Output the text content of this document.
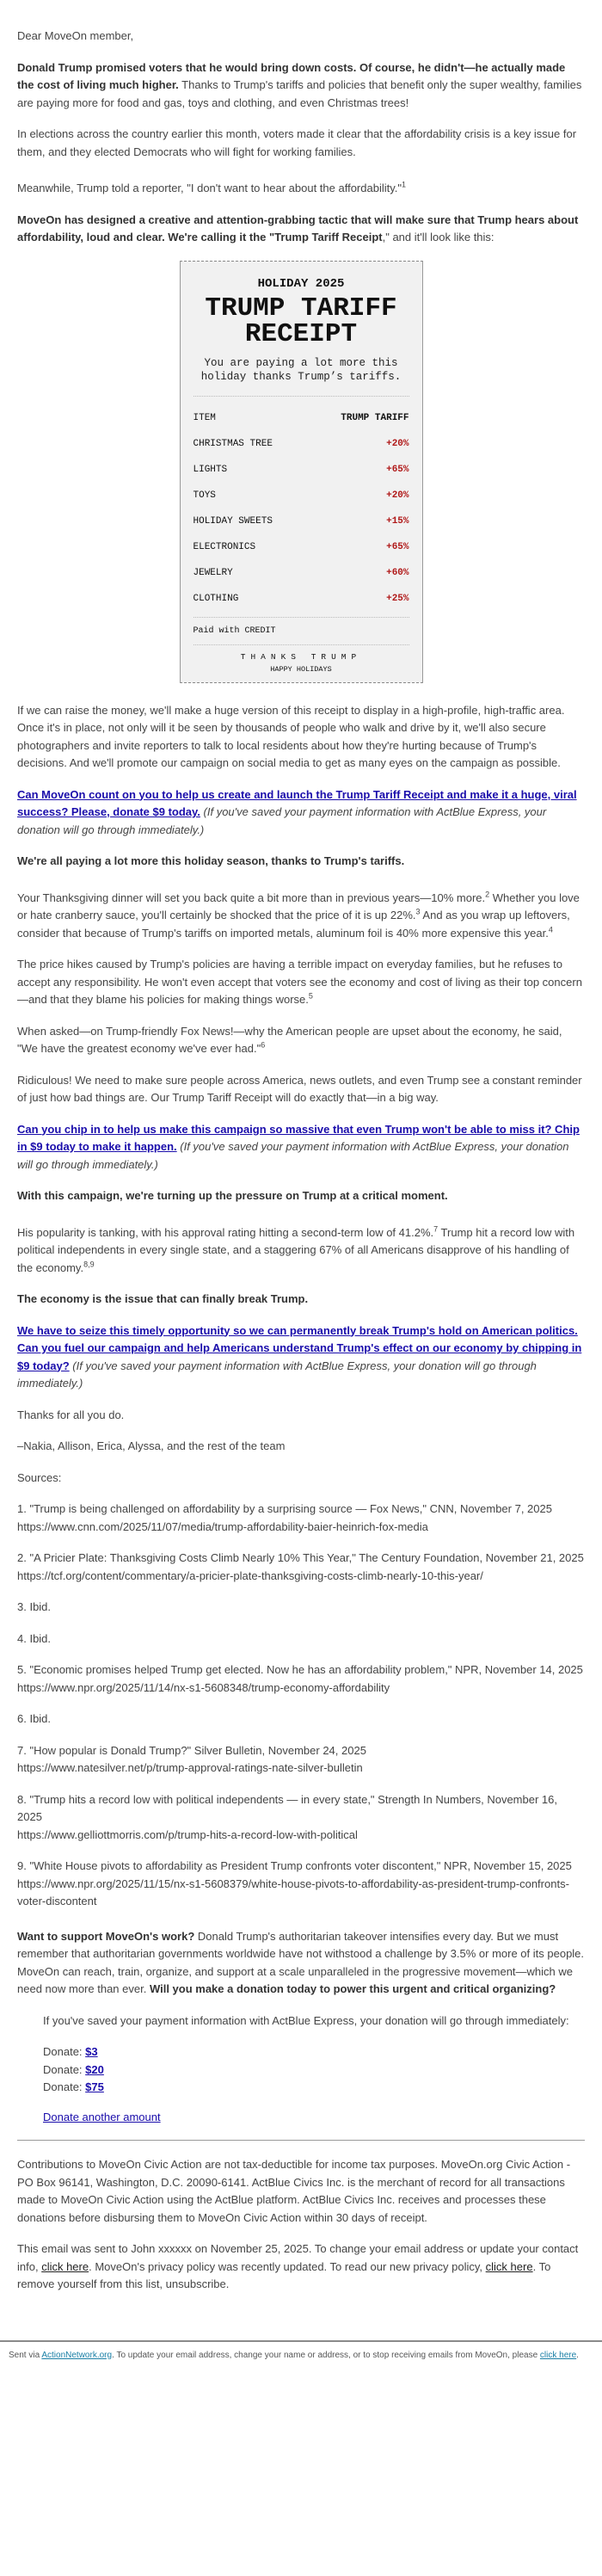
Dear MoveOn member,

Donald Trump promised voters that he would bring down costs. Of course, he didn't—he actually made the cost of living much higher. Thanks to Trump's tariffs and policies that benefit only the super wealthy, families are paying more for food and gas, toys and clothing, and even Christmas trees!

In elections across the country earlier this month, voters made it clear that the affordability crisis is a key issue for them, and they elected Democrats who will fight for working families.

Meanwhile, Trump told a reporter, "I don't want to hear about the affordability."$^1$

MoveOn has designed a creative and attention-grabbing tactic that will make sure that Trump hears about affordability, loud and clear. We're calling it the "Trump Tariff Receipt," and it'll look like this:

HOLIDAY 2025
TRUMP TARIFF RECEIPT
You are paying a lot more this holiday thanks Trump’s tariffs.
ITEM	TRUMP TARIFF
CHRISTMAS TREE	+20%
LIGHTS	+65%
TOYS	+20%
HOLIDAY SWEETS	+15%
ELECTRONICS	+65%
JEWELRY	+60%
CLOTHING	+25%
Paid with CREDIT
THANKS TRUMP
HAPPY HOLIDAYS

If we can raise the money, we'll make a huge version of this receipt to display in a high-profile, high-traffic area. Once it's in place, not only will it be seen by thousands of people who walk and drive by it, we'll also secure photographers and invite reporters to talk to local residents about how they're hurting because of Trump's decisions. And we'll promote our campaign on social media to get as many eyes on the campaign as possible.

Can MoveOn count on you to help us create and launch the Trump Tariff Receipt and make it a huge, viral success? Please, donate $9 today. (If you've saved your payment information with ActBlue Express, your donation will go through immediately.)

We're all paying a lot more this holiday season, thanks to Trump's tariffs.

Your Thanksgiving dinner will set you back quite a bit more than in previous years—10% more.$^2$ Whether you love or hate cranberry sauce, you'll certainly be shocked that the price of it is up 22%.$^3$ And as you wrap up leftovers, consider that because of Trump's tariffs on imported metals, aluminum foil is 40% more expensive this year.$^4$

The price hikes caused by Trump's policies are having a terrible impact on everyday families, but he refuses to accept any responsibility. He won't even accept that voters see the economy and cost of living as their top concern—and that they blame his policies for making things worse.$^5$

When asked—on Trump-friendly Fox News!—why the American people are upset about the economy, he said, "We have the greatest economy we've ever had."$^6$

Ridiculous! We need to make sure people across America, news outlets, and even Trump see a constant reminder of just how bad things are. Our Trump Tariff Receipt will do exactly that—in a big way.

Can you chip in to help us make this campaign so massive that even Trump won't be able to miss it? Chip in $9 today to make it happen. (If you've saved your payment information with ActBlue Express, your donation will go through immediately.)

With this campaign, we're turning up the pressure on Trump at a critical moment.

His popularity is tanking, with his approval rating hitting a second-term low of 41.2%.$^7$ Trump hit a record low with political independents in every single state, and a staggering 67% of all Americans disapprove of his handling of the economy.$^{8,9}$

The economy is the issue that can finally break Trump.

We have to seize this timely opportunity so we can permanently break Trump's hold on American politics. Can you fuel our campaign and help Americans understand Trump's effect on our economy by chipping in $9 today? (If you've saved your payment information with ActBlue Express, your donation will go through immediately.)

Thanks for all you do.

–Nakia, Allison, Erica, Alyssa, and the rest of the team

Sources:

1. "Trump is being challenged on affordability by a surprising source — Fox News," CNN, November 7, 2025
https://www.cnn.com/2025/11/07/media/trump-affordability-baier-heinrich-fox-media

2. "A Pricier Plate: Thanksgiving Costs Climb Nearly 10% This Year," The Century Foundation, November 21, 2025
https://tcf.org/content/commentary/a-pricier-plate-thanksgiving-costs-climb-nearly-10-this-year/

3. Ibid.

4. Ibid.

5. "Economic promises helped Trump get elected. Now he has an affordability problem," NPR, November 14, 2025
https://www.npr.org/2025/11/14/nx-s1-5608348/trump-economy-affordability

6. Ibid.

7. "How popular is Donald Trump?" Silver Bulletin, November 24, 2025
https://www.natesilver.net/p/trump-approval-ratings-nate-silver-bulletin

8. "Trump hits a record low with political independents — in every state," Strength In Numbers, November 16, 2025
https://www.gelliottmorris.com/p/trump-hits-a-record-low-with-political

9. "White House pivots to affordability as President Trump confronts voter discontent," NPR, November 15, 2025
https://www.npr.org/2025/11/15/nx-s1-5608379/white-house-pivots-to-affordability-as-president-trump-confronts-voter-discontent

Want to support MoveOn's work? Donald Trump's authoritarian takeover intensifies every day. But we must remember that authoritarian governments worldwide have not withstood a challenge by 3.5% or more of its people. MoveOn can reach, train, organize, and support at a scale unparalleled in the progressive movement—which we need now more than ever. Will you make a donation today to power this urgent and critical organizing?

If you've saved your payment information with ActBlue Express, your donation will go through immediately:

Donate: $3
Donate: $20
Donate: $75

Donate another amount

Contributions to MoveOn Civic Action are not tax-deductible for income tax purposes. MoveOn.org Civic Action - PO Box 96141, Washington, D.C. 20090-6141. ActBlue Civics Inc. is the merchant of record for all transactions made to MoveOn Civic Action using the ActBlue platform. ActBlue Civics Inc. receives and processes these donations before disbursing them to MoveOn Civic Action within 30 days of receipt.

This email was sent to John xxxxxx on November 25, 2025. To change your email address or update your contact info, click here. MoveOn's privacy policy was recently updated. To read our new privacy policy, click here. To remove yourself from this list, unsubscribe.

Sent via ActionNetwork.org. To update your email address, change your name or address, or to stop receiving emails from MoveOn, please click here.
